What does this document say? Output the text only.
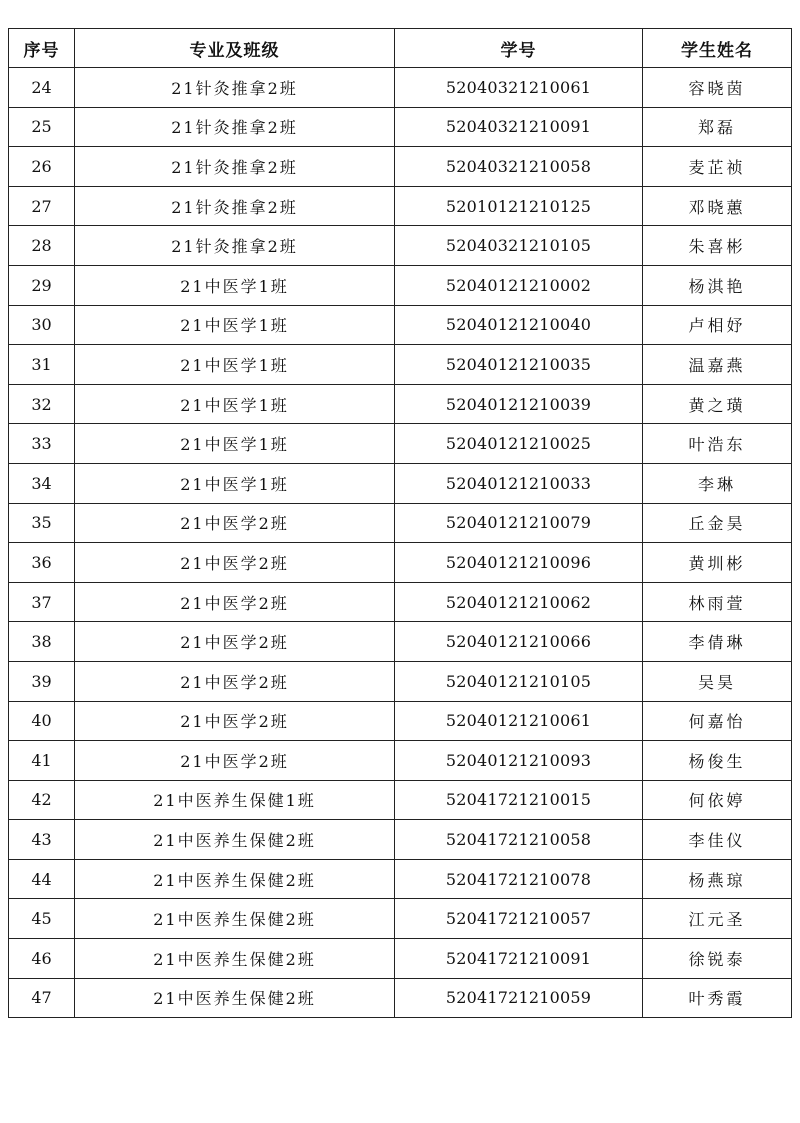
序号	专业及班级	学号	学生姓名
24	21针灸推拿2班	52040321210061	容晓茵
25	21针灸推拿2班	52040321210091	郑磊
26	21针灸推拿2班	52040321210058	麦芷祯
27	21针灸推拿2班	52010121210125	邓晓蕙
28	21针灸推拿2班	52040321210105	朱喜彬
29	21中医学1班	52040121210002	杨淇艳
30	21中医学1班	52040121210040	卢相妤
31	21中医学1班	52040121210035	温嘉燕
32	21中医学1班	52040121210039	黄之璜
33	21中医学1班	52040121210025	叶浩东
34	21中医学1班	52040121210033	李琳
35	21中医学2班	52040121210079	丘金昊
36	21中医学2班	52040121210096	黄圳彬
37	21中医学2班	52040121210062	林雨萱
38	21中医学2班	52040121210066	李倩琳
39	21中医学2班	52040121210105	吴昊
40	21中医学2班	52040121210061	何嘉怡
41	21中医学2班	52040121210093	杨俊生
42	21中医养生保健1班	52041721210015	何依婷
43	21中医养生保健2班	52041721210058	李佳仪
44	21中医养生保健2班	52041721210078	杨燕琼
45	21中医养生保健2班	52041721210057	江元圣
46	21中医养生保健2班	52041721210091	徐锐泰
47	21中医养生保健2班	52041721210059	叶秀霞
